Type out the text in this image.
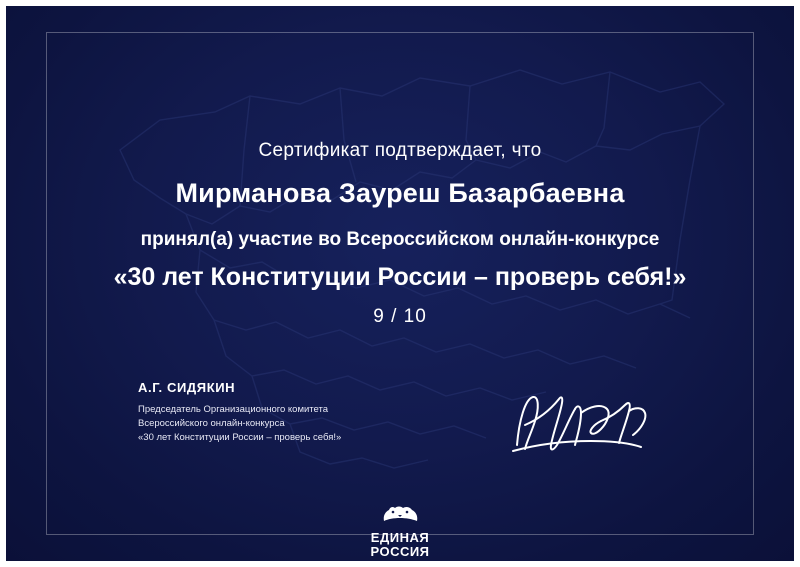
Сертификат подтверждает, что
Мирманова Зауреш Базарбаевна
принял(а) участие во Всероссийском онлайн-конкурсе
«30 лет Конституции России – проверь себя!»
9 / 10
А.Г. СИДЯКИН
Председатель Организационного комитета
Всероссийского онлайн-конкурса
«30 лет Конституции России – проверь себя!»
ЕДИНАЯ
РОССИЯ
